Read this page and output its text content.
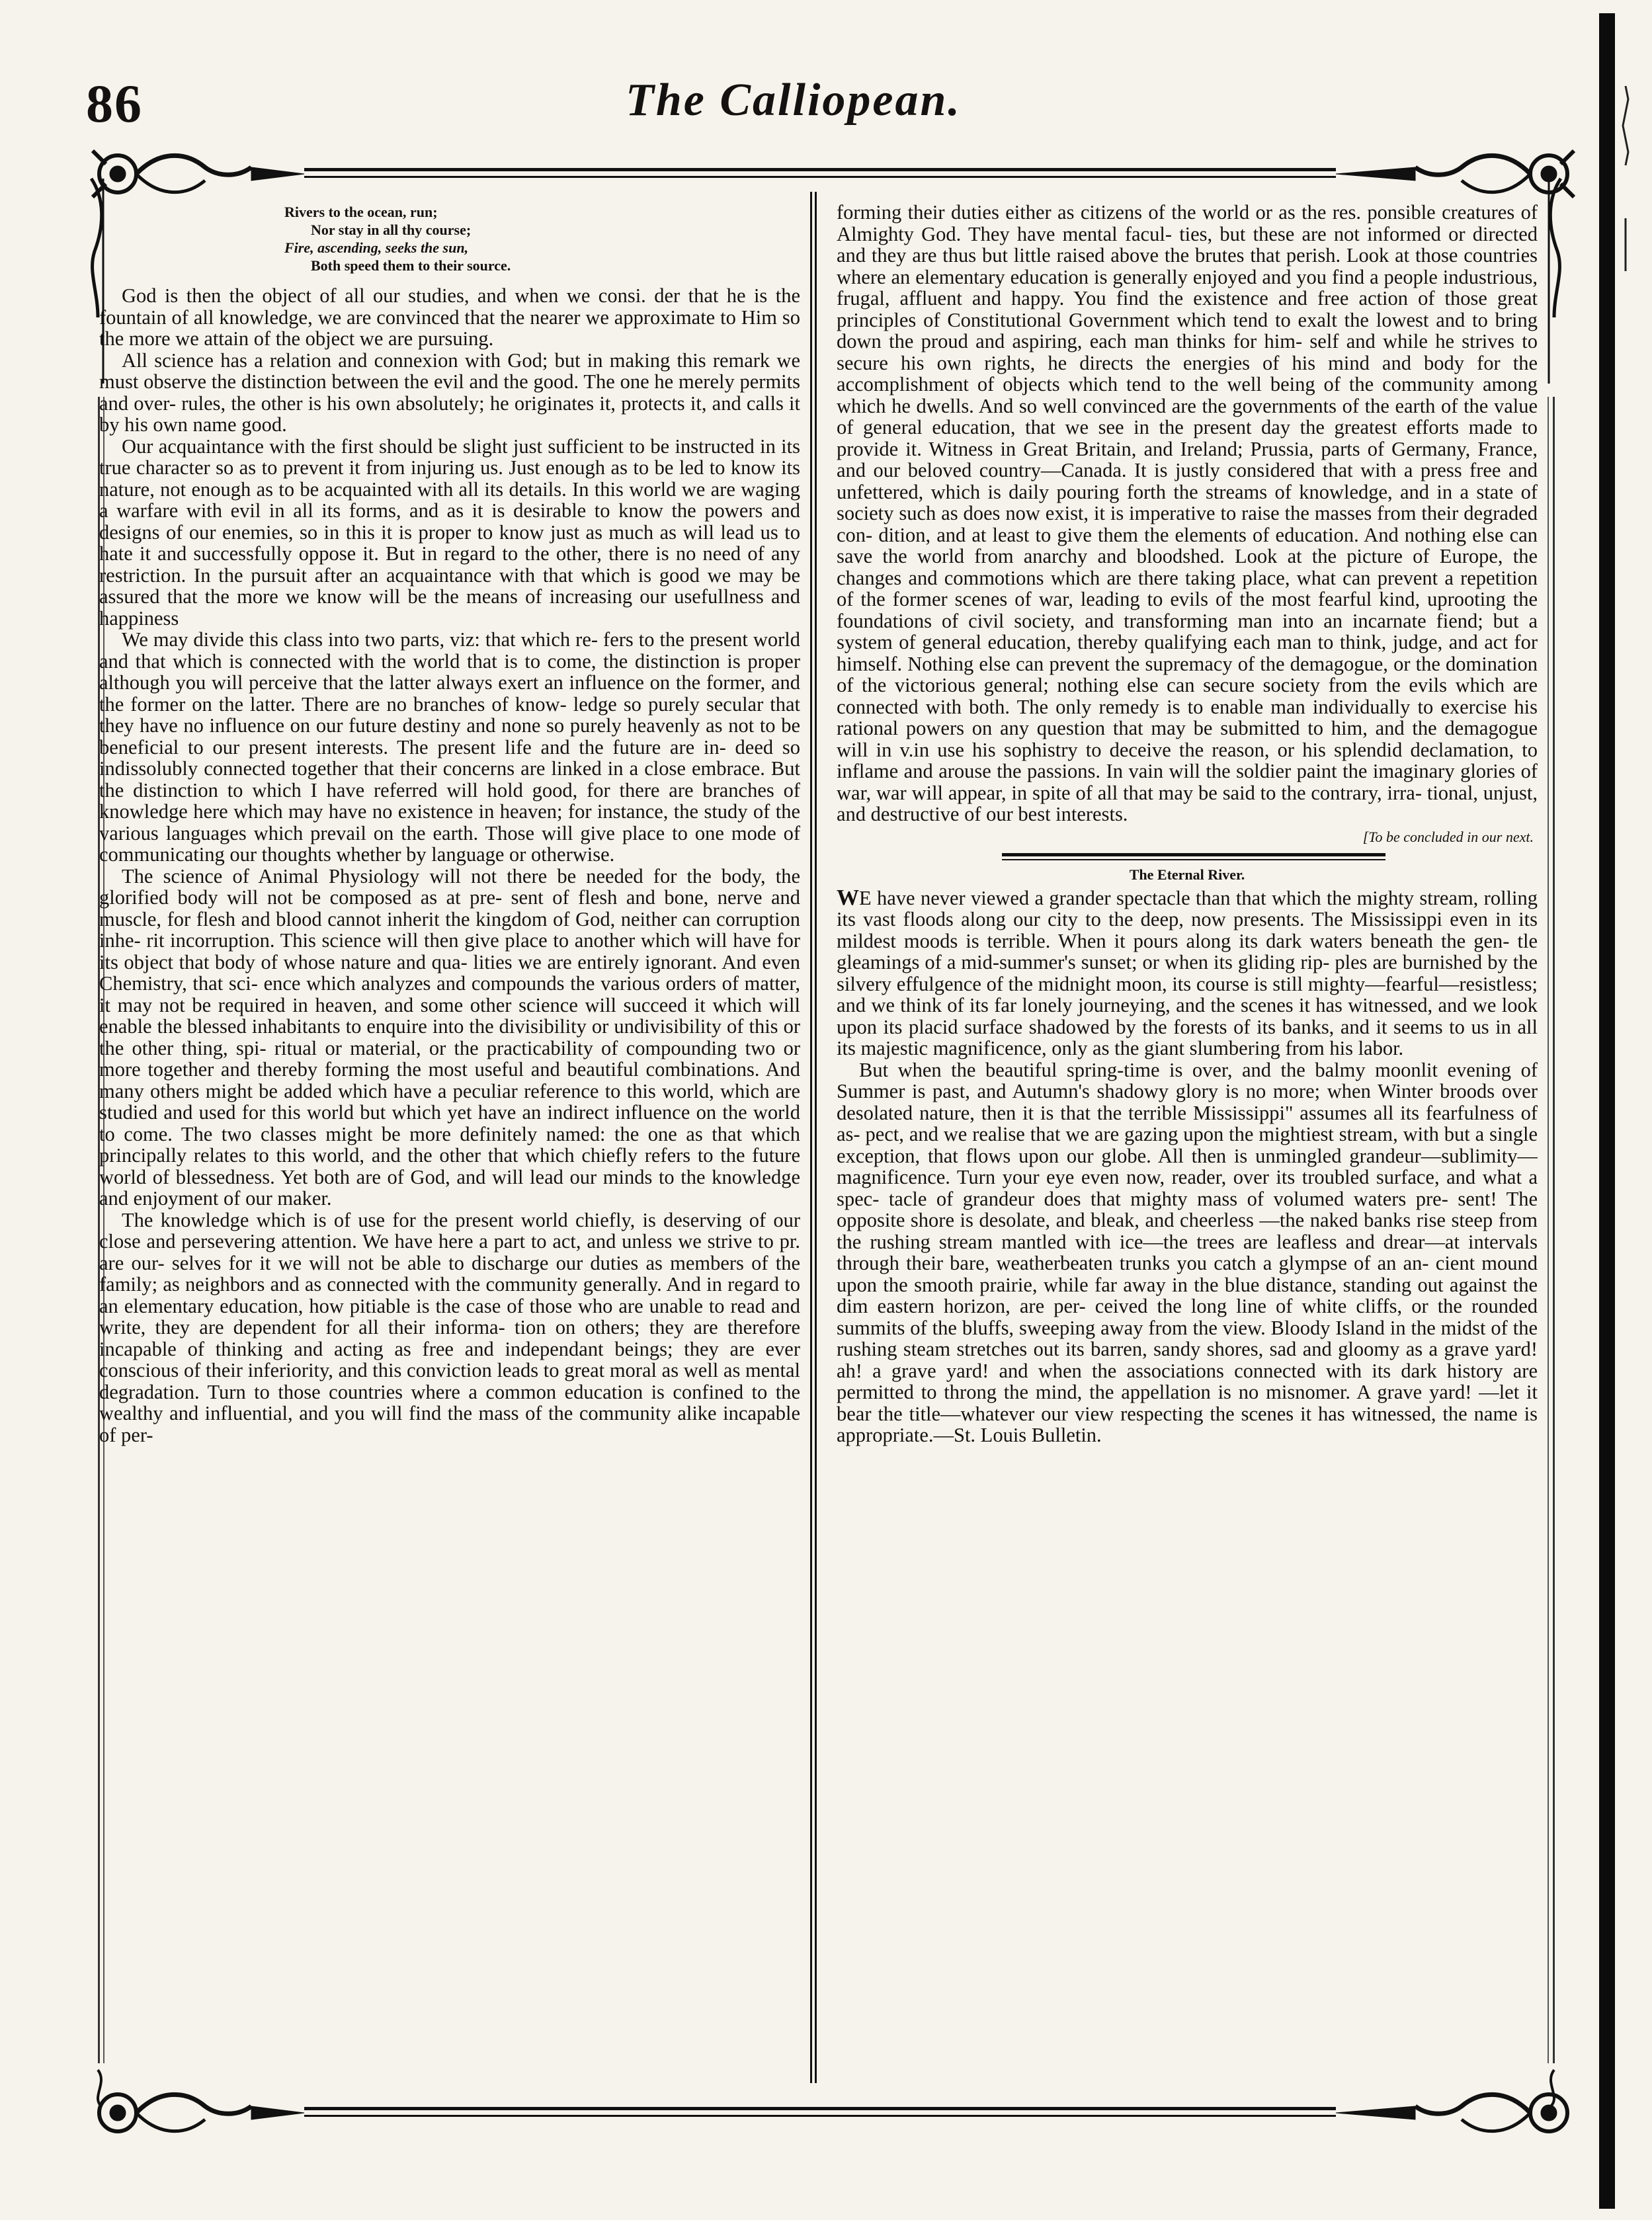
86	The Calliopean.
Rivers to the ocean, run;
Nor stay in all thy course;
Fire, ascending, seeks the sun,
Both speed them to their source.

God is then the object of all our studies, and when we consi. der that he is the fountain of all knowledge, we are convinced that the nearer we approximate to Him so the more we attain of the object we are pursuing.

All science has a relation and connexion with God; but in making this remark we must observe the distinction between the evil and the good. The one he merely permits and over- rules, the other is his own absolutely; he originates it, protects it, and calls it by his own name good.

Our acquaintance with the first should be slight just sufficient to be instructed in its true character so as to prevent it from injuring us. Just enough as to be led to know its nature, not enough as to be acquainted with all its details. In this world we are waging a warfare with evil in all its forms, and as it is desirable to know the powers and designs of our enemies, so in this it is proper to know just as much as will lead us to hate it and successfully oppose it. But in regard to the other, there is no need of any restriction. In the pursuit after an acquaintance with that which is good we may be assured that the more we know will be the means of increasing our usefullness and happiness

We may divide this class into two parts, viz: that which re- fers to the present world and that which is connected with the world that is to come, the distinction is proper although you will perceive that the latter always exert an influence on the former, and the former on the latter. There are no branches of know- ledge so purely secular that they have no influence on our future destiny and none so purely heavenly as not to be beneficial to our present interests. The present life and the future are in- deed so indissolubly connected together that their concerns are linked in a close embrace. But the distinction to which I have referred will hold good, for there are branches of knowledge here which may have no existence in heaven; for instance, the study of the various languages which prevail on the earth. Those will give place to one mode of communicating our thoughts whether by language or otherwise.

The science of Animal Physiology will not there be needed for the body, the glorified body will not be composed as at pre- sent of flesh and bone, nerve and muscle, for flesh and blood cannot inherit the kingdom of God, neither can corruption inhe- rit incorruption. This science will then give place to another which will have for its object that body of whose nature and qua- lities we are entirely ignorant. And even Chemistry, that sci- ence which analyzes and compounds the various orders of matter, it may not be required in heaven, and some other science will succeed it which will enable the blessed inhabitants to enquire into the divisibility or undivisibility of this or the other thing, spi- ritual or material, or the practicability of compounding two or more together and thereby forming the most useful and beautiful combinations. And many others might be added which have a peculiar reference to this world, which are studied and used for this world but which yet have an indirect influence on the world to come. The two classes might be more definitely named: the one as that which principally relates to this world, and the other that which chiefly refers to the future world of blessedness. Yet both are of God, and will lead our minds to the knowledge and enjoyment of our maker.

The knowledge which is of use for the present world chiefly, is deserving of our close and persevering attention. We have here a part to act, and unless we strive to pr. are our- selves for it we will not be able to discharge our duties as members of the family; as neighbors and as connected with the community generally. And in regard to an elementary education, how pitiable is the case of those who are unable to read and write, they are dependent for all their informa- tion on others; they are therefore incapable of thinking and acting as free and independant beings; they are ever conscious of their inferiority, and this conviction leads to great moral as well as mental degradation. Turn to those countries where a common education is confined to the wealthy and influential, and you will find the mass of the community alike incapable of per-

forming their duties either as citizens of the world or as the res. ponsible creatures of Almighty God. They have mental facul- ties, but these are not informed or directed and they are thus but little raised above the brutes that perish. Look at those countries where an elementary education is generally enjoyed and you find a people industrious, frugal, affluent and happy. You find the existence and free action of those great principles of Constitutional Government which tend to exalt the lowest and to bring down the proud and aspiring, each man thinks for him- self and while he strives to secure his own rights, he directs the energies of his mind and body for the accomplishment of objects which tend to the well being of the community among which he dwells. And so well convinced are the governments of the earth of the value of general education, that we see in the present day the greatest efforts made to provide it. Witness in Great Britain, and Ireland; Prussia, parts of Germany, France, and our beloved country—Canada. It is justly considered that with a press free and unfettered, which is daily pouring forth the streams of knowledge, and in a state of society such as does now exist, it is imperative to raise the masses from their degraded con- dition, and at least to give them the elements of education. And nothing else can save the world from anarchy and bloodshed. Look at the picture of Europe, the changes and commotions which are there taking place, what can prevent a repetition of the former scenes of war, leading to evils of the most fearful kind, uprooting the foundations of civil society, and transforming man into an incarnate fiend; but a system of general education, thereby qualifying each man to think, judge, and act for himself. Nothing else can prevent the supremacy of the demagogue, or the domination of the victorious general; nothing else can secure society from the evils which are connected with both. The only remedy is to enable man individually to exercise his rational powers on any question that may be submitted to him, and the demagogue will in v.in use his sophistry to deceive the reason, or his splendid declamation, to inflame and arouse the passions. In vain will the soldier paint the imaginary glories of war, war will appear, in spite of all that may be said to the contrary, irra- tional, unjust, and destructive of our best interests.

[To be concluded in our next.
The Eternal River.

WE have never viewed a grander spectacle than that which the mighty stream, rolling its vast floods along our city to the deep, now presents. The Mississippi even in its mildest moods is terrible. When it pours along its dark waters beneath the gen- tle gleamings of a mid-summer's sunset; or when its gliding rip- ples are burnished by the silvery effulgence of the midnight moon, its course is still mighty—fearful—resistless; and we think of its far lonely journeying, and the scenes it has witnessed, and we look upon its placid surface shadowed by the forests of its banks, and it seems to us in all its majestic magnificence, only as the giant slumbering from his labor.

But when the beautiful spring-time is over, and the balmy moonlit evening of Summer is past, and Autumn's shadowy glory is no more; when Winter broods over desolated nature, then it is that the terrible Mississippi" assumes all its fearfulness of as- pect, and we realise that we are gazing upon the mightiest stream, with but a single exception, that flows upon our globe. All then is unmingled grandeur—sublimity—magnificence. Turn your eye even now, reader, over its troubled surface, and what a spec- tacle of grandeur does that mighty mass of volumed waters pre- sent! The opposite shore is desolate, and bleak, and cheerless —the naked banks rise steep from the rushing stream mantled with ice—the trees are leafless and drear—at intervals through their bare, weatherbeaten trunks you catch a glympse of an an- cient mound upon the smooth prairie, while far away in the blue distance, standing out against the dim eastern horizon, are per- ceived the long line of white cliffs, or the rounded summits of the bluffs, sweeping away from the view. Bloody Island in the midst of the rushing steam stretches out its barren, sandy shores, sad and gloomy as a grave yard! ah! a grave yard! and when the associations connected with its dark history are permitted to throng the mind, the appellation is no misnomer. A grave yard! —let it bear the title—whatever our view respecting the scenes it has witnessed, the name is appropriate.—St. Louis Bulletin.
